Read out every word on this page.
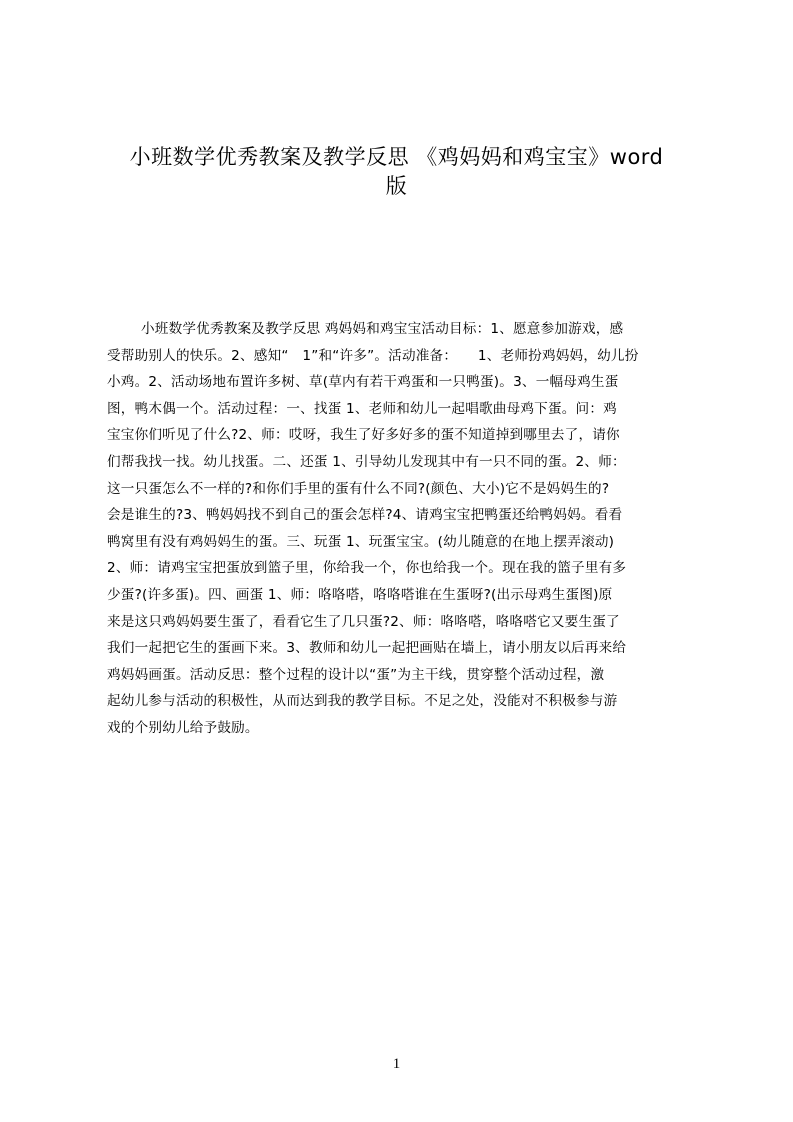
小班数学优秀教案及教学反思 《鸡妈妈和鸡宝宝》word
版
小班数学优秀教案及教学反思 鸡妈妈和鸡宝宝活动目标：1、愿意参加游戏，感
受帮助别人的快乐。2、感知“　1”和“许多”。活动准备：　　1、老师扮鸡妈妈，幼儿扮
小鸡。2、活动场地布置许多树、草(草内有若干鸡蛋和一只鸭蛋)。3、一幅母鸡生蛋
图，鸭木偶一个。活动过程：一、找蛋 1、老师和幼儿一起唱歌曲母鸡下蛋。问：鸡
宝宝你们听见了什么?2、师：哎呀，我生了好多好多的蛋不知道掉到哪里去了，请你
们帮我找一找。幼儿找蛋。二、还蛋 1、引导幼儿发现其中有一只不同的蛋。2、师：
这一只蛋怎么不一样的?和你们手里的蛋有什么不同?(颜色、大小)它不是妈妈生的?
会是谁生的?3、鸭妈妈找不到自己的蛋会怎样?4、请鸡宝宝把鸭蛋还给鸭妈妈。看看
鸭窝里有没有鸡妈妈生的蛋。三、玩蛋 1、玩蛋宝宝。(幼儿随意的在地上摆弄滚动)
2、师：请鸡宝宝把蛋放到篮子里，你给我一个，你也给我一个。现在我的篮子里有多
少蛋?(许多蛋)。四、画蛋 1、师：咯咯嗒，咯咯嗒谁在生蛋呀?(出示母鸡生蛋图)原
来是这只鸡妈妈要生蛋了，看看它生了几只蛋?2、师：咯咯嗒，咯咯嗒它又要生蛋了
我们一起把它生的蛋画下来。3、教师和幼儿一起把画贴在墙上，请小朋友以后再来给
鸡妈妈画蛋。活动反思：整个过程的设计以“蛋”为主干线，贯穿整个活动过程，激
起幼儿参与活动的积极性，从而达到我的教学目标。不足之处，没能对不积极参与游
戏的个别幼儿给予鼓励。
1
